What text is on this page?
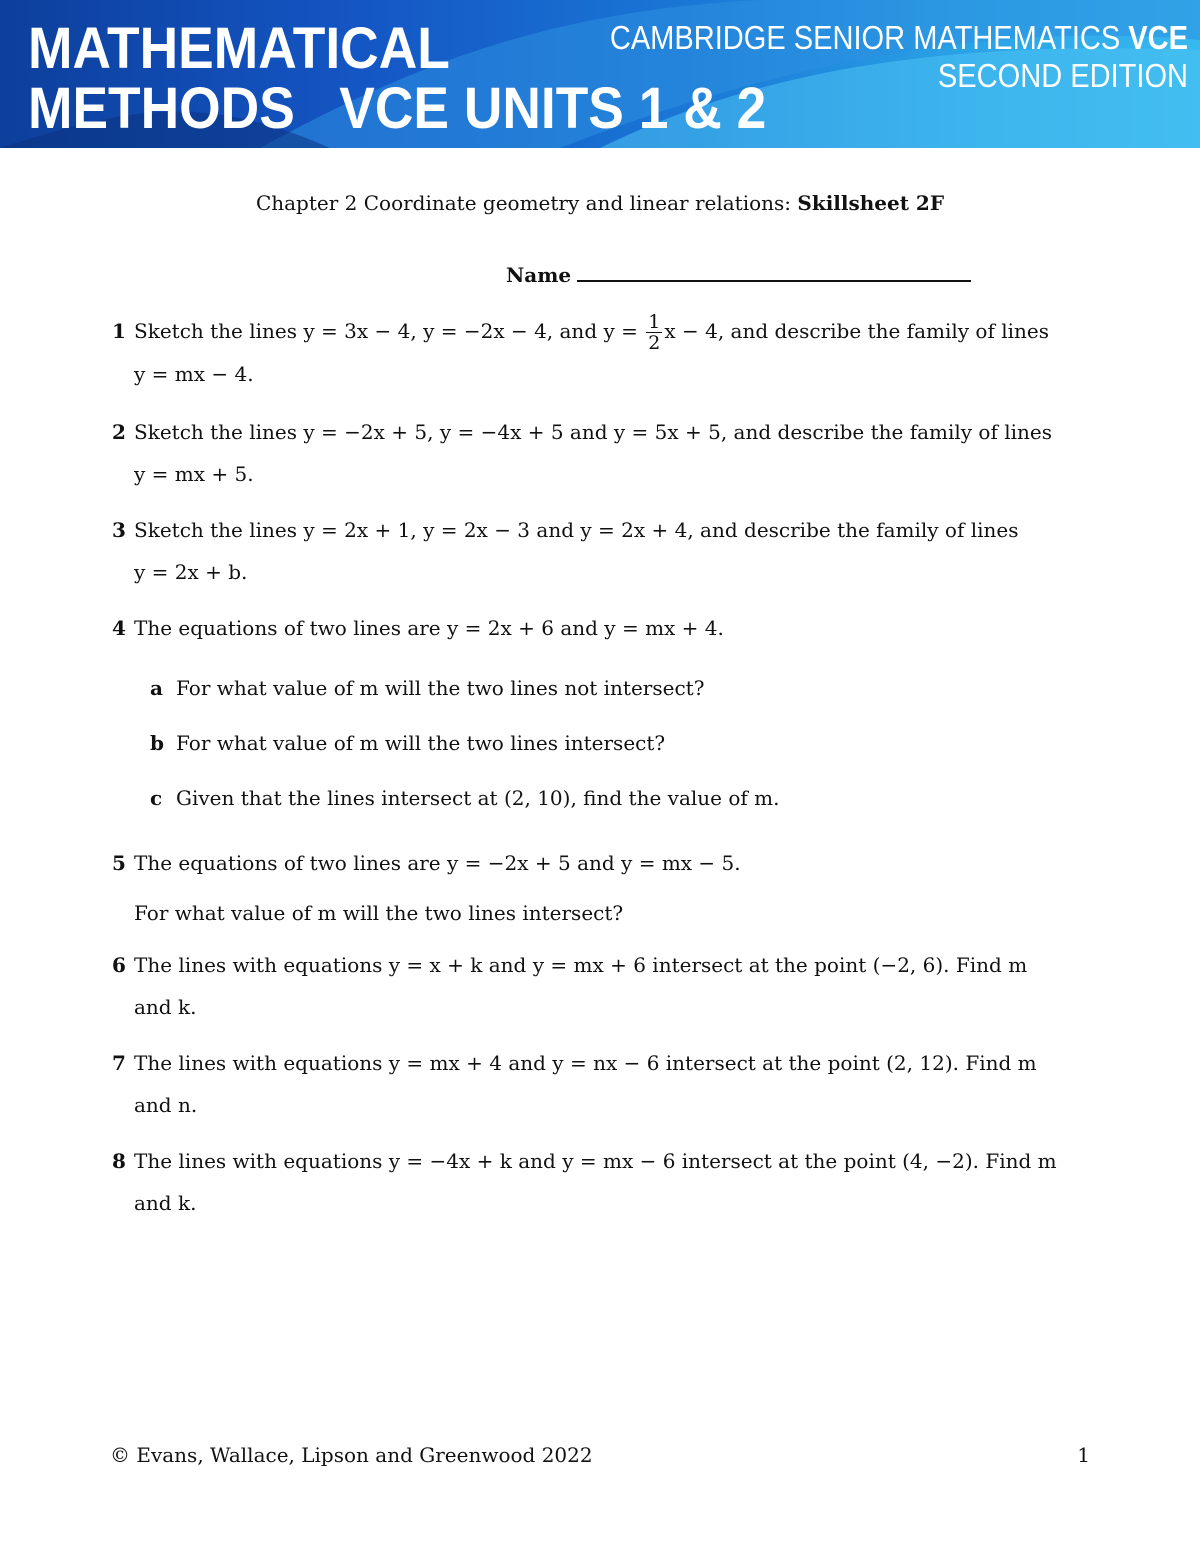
MATHEMATICAL
METHODS   VCE UNITS 1 & 2
CAMBRIDGE SENIOR MATHEMATICS VCE
SECOND EDITION
Chapter 2 Coordinate geometry and linear relations: Skillsheet 2F
Name
1 Sketch the lines y = 3x − 4, y = −2x − 4, and $y = \frac{1}{2}$ x − 4, and describe the family of lines
y = mx − 4.
2 Sketch the lines y = −2x + 5, y = −4x + 5 and y = 5x + 5, and describe the family of lines
y = mx + 5.
3 Sketch the lines y = 2x + 1, y = 2x − 3 and y = 2x + 4, and describe the family of lines
y = 2x + b.
4 The equations of two lines are y = 2x + 6 and y = mx + 4.
a For what value of m will the two lines not intersect?
b For what value of m will the two lines intersect?
c Given that the lines intersect at (2, 10), find the value of m.
5 The equations of two lines are y = −2x + 5 and y = mx − 5.
For what value of m will the two lines intersect?
6 The lines with equations y = x + k and y = mx + 6 intersect at the point (−2, 6). Find m
and k.
7 The lines with equations y = mx + 4 and y = nx − 6 intersect at the point (2, 12). Find m
and n.
8 The lines with equations y = −4x + k and y = mx − 6 intersect at the point (4, −2). Find m
and k.
© Evans, Wallace, Lipson and Greenwood 2022	1
